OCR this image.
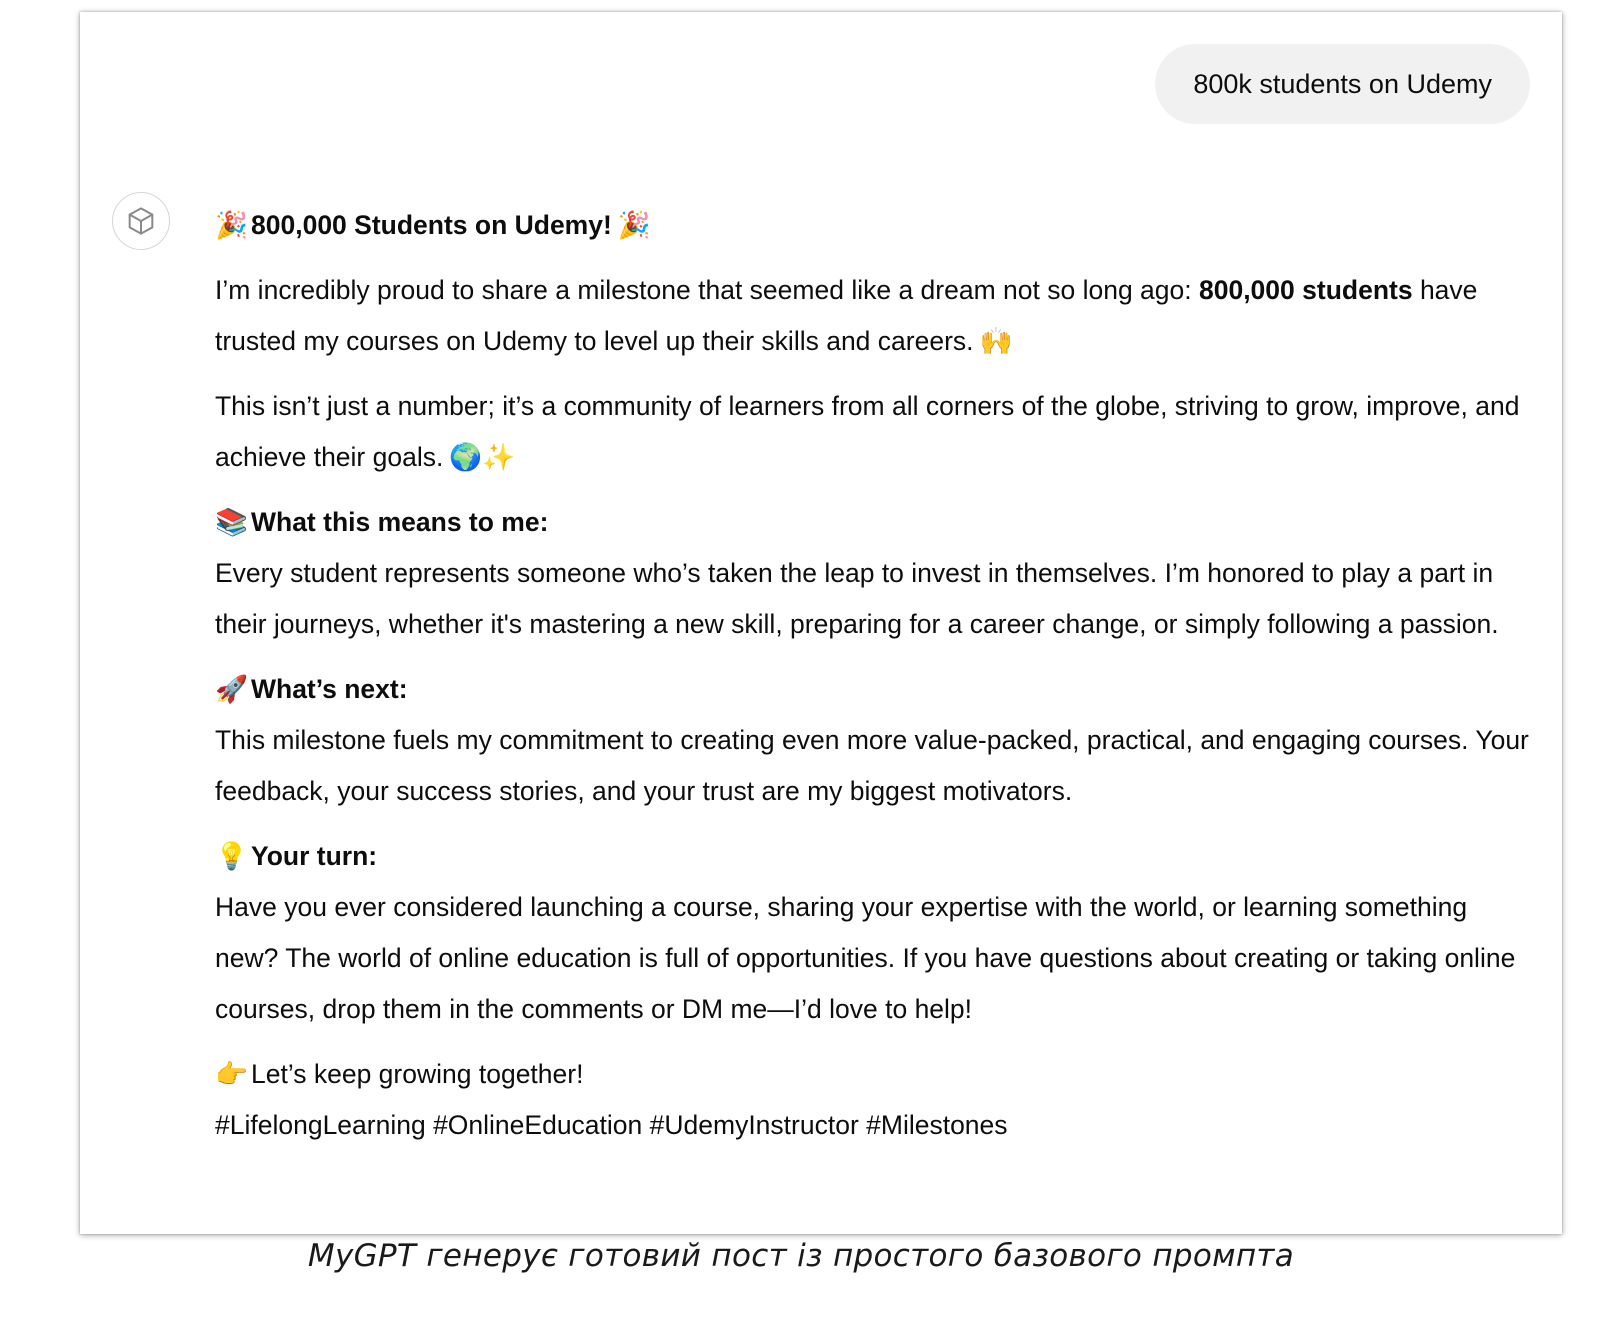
800k students on Udemy

🎉 800,000 Students on Udemy! 🎉

I’m incredibly proud to share a milestone that seemed like a dream not so long ago: 800,000 students have trusted my courses on Udemy to level up their skills and careers. 🙌

This isn’t just a number; it’s a community of learners from all corners of the globe, striving to grow, improve, and achieve their goals. 🌍✨

📚 What this means to me:
Every student represents someone who’s taken the leap to invest in themselves. I’m honored to play a part in their journeys, whether it's mastering a new skill, preparing for a career change, or simply following a passion.

🚀 What’s next:
This milestone fuels my commitment to creating even more value-packed, practical, and engaging courses. Your feedback, your success stories, and your trust are my biggest motivators.

💡 Your turn:
Have you ever considered launching a course, sharing your expertise with the world, or learning something new? The world of online education is full of opportunities. If you have questions about creating or taking online courses, drop them in the comments or DM me—I’d love to help!

👉 Let’s keep growing together!
#LifelongLearning #OnlineEducation #UdemyInstructor #Milestones

MyGPT генерує готовий пост із простого базового промпта
